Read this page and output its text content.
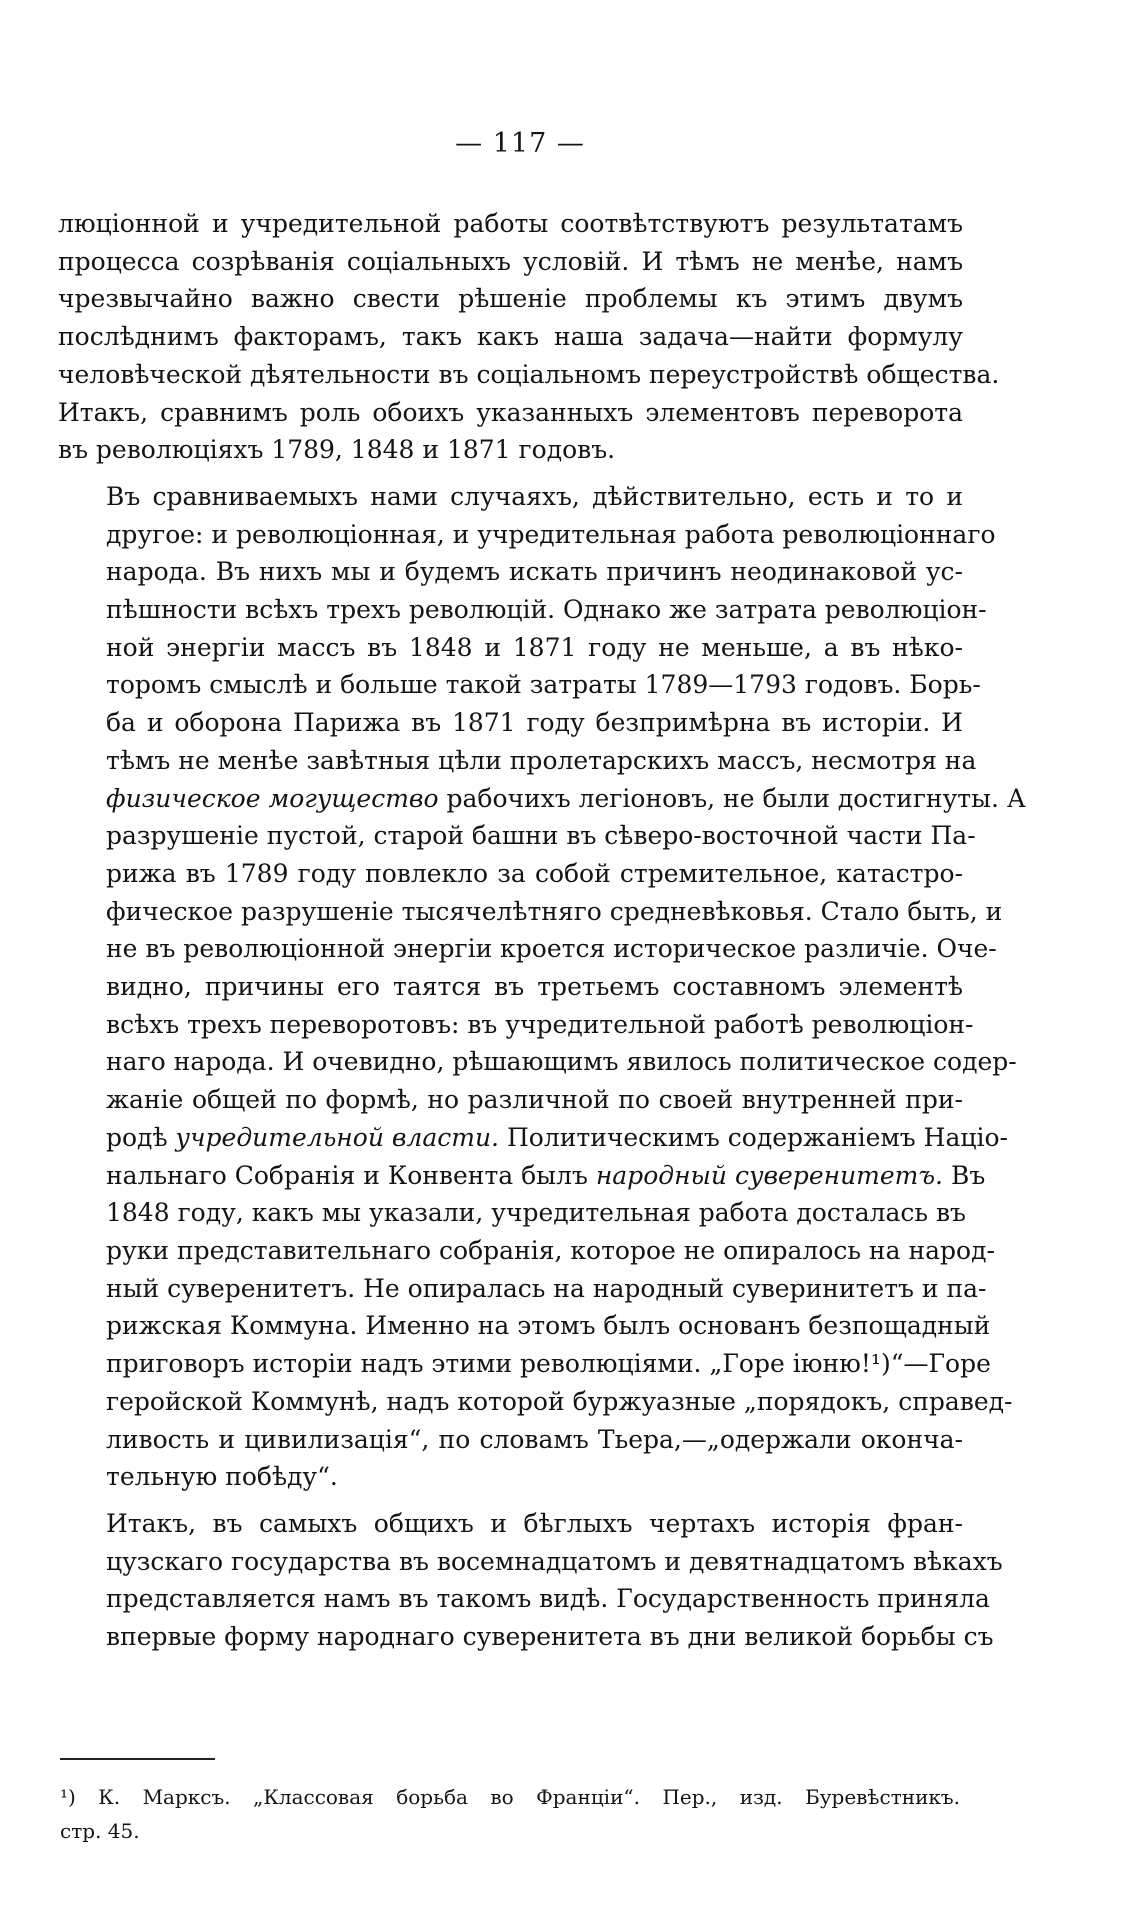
— 117 —
люціонной и учредительной работы соотвѣтствуютъ результатамъ
процесса созрѣванія соціальныхъ условій. И тѣмъ не менѣе, намъ
чрезвычайно важно свести рѣшеніе проблемы къ этимъ двумъ
послѣднимъ факторамъ, такъ какъ наша задача—найти формулу
человѣческой дѣятельности въ соціальномъ переустройствѣ общества.
Итакъ, сравнимъ роль обоихъ указанныхъ элементовъ переворота
въ революціяхъ 1789, 1848 и 1871 годовъ.
Въ сравниваемыхъ нами случаяхъ, дѣйствительно, есть и то и
другое: и революціонная, и учредительная работа революціоннаго
народа. Въ нихъ мы и будемъ искать причинъ неодинаковой ус-
пѣшности всѣхъ трехъ революцій. Однако же затрата революціон-
ной энергіи массъ въ 1848 и 1871 году не меньше, а въ нѣко-
торомъ смыслѣ и больше такой затраты 1789—1793 годовъ. Борь-
ба и оборона Парижа въ 1871 году безпримѣрна въ исторіи. И
тѣмъ не менѣе завѣтныя цѣли пролетарскихъ массъ, несмотря на
физическое могущество рабочихъ легіоновъ, не были достигнуты. А
разрушеніе пустой, старой башни въ сѣверо-восточной части Па-
рижа въ 1789 году повлекло за собой стремительное, катастро-
фическое разрушеніе тысячелѣтняго средневѣковья. Стало быть, и
не въ революціонной энергіи кроется историческое различіе. Оче-
видно, причины его таятся въ третьемъ составномъ элементѣ
всѣхъ трехъ переворотовъ: въ учредительной работѣ революціон-
наго народа. И очевидно, рѣшающимъ явилось политическое содер-
жаніе общей по формѣ, но различной по своей внутренней при-
родѣ учредительной власти. Политическимъ содержаніемъ Націо-
нальнаго Собранія и Конвента былъ народный суверенитетъ. Въ
1848 году, какъ мы указали, учредительная работа досталась въ
руки представительнаго собранія, которое не опиралось на народ-
ный суверенитетъ. Не опиралась на народный суверинитетъ и па-
рижская Коммуна. Именно на этомъ былъ основанъ безпощадный
приговоръ исторіи надъ этими революціями. „Горе іюню!¹)“—Горе
геройской Коммунѣ, надъ которой буржуазные „порядокъ, справед-
ливость и цивилизація“, по словамъ Тьера,—„одержали оконча-
тельную побѣду“.
Итакъ, въ самыхъ общихъ и бѣглыхъ чертахъ исторія фран-
цузскаго государства въ восемнадцатомъ и девятнадцатомъ вѣкахъ
представляется намъ въ такомъ видѣ. Государственность приняла
впервые форму народнаго суверенитета въ дни великой борьбы съ
¹) К. Марксъ. „Классовая борьба во Франціи“. Пер., изд. Буревѣстникъ.
стр. 45.
